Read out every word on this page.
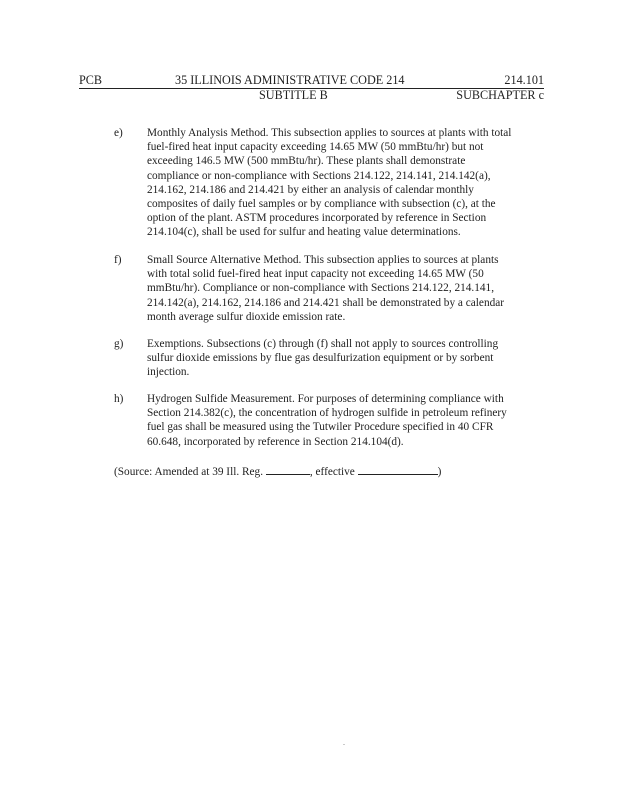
PCB	35 ILLINOIS ADMINISTRATIVE CODE 214	214.101
SUBTITLE B	SUBCHAPTER c
e) Monthly Analysis Method. This subsection applies to sources at plants with total
fuel-fired heat input capacity exceeding 14.65 MW (50 mmBtu/hr) but not
exceeding 146.5 MW (500 mmBtu/hr). These plants shall demonstrate
compliance or non-compliance with Sections 214.122, 214.141, 214.142(a),
214.162, 214.186 and 214.421 by either an analysis of calendar monthly
composites of daily fuel samples or by compliance with subsection (c), at the
option of the plant. ASTM procedures incorporated by reference in Section
214.104(c), shall be used for sulfur and heating value determinations.
f) Small Source Alternative Method. This subsection applies to sources at plants
with total solid fuel-fired heat input capacity not exceeding 14.65 MW (50
mmBtu/hr). Compliance or non-compliance with Sections 214.122, 214.141,
214.142(a), 214.162, 214.186 and 214.421 shall be demonstrated by a calendar
month average sulfur dioxide emission rate.
g) Exemptions. Subsections (c) through (f) shall not apply to sources controlling
sulfur dioxide emissions by flue gas desulfurization equipment or by sorbent
injection.
h) Hydrogen Sulfide Measurement. For purposes of determining compliance with
Section 214.382(c), the concentration of hydrogen sulfide in petroleum refinery
fuel gas shall be measured using the Tutwiler Procedure specified in 40 CFR
60.648, incorporated by reference in Section 214.104(d).
(Source: Amended at 39 Ill. Reg.	, effective	)
.
